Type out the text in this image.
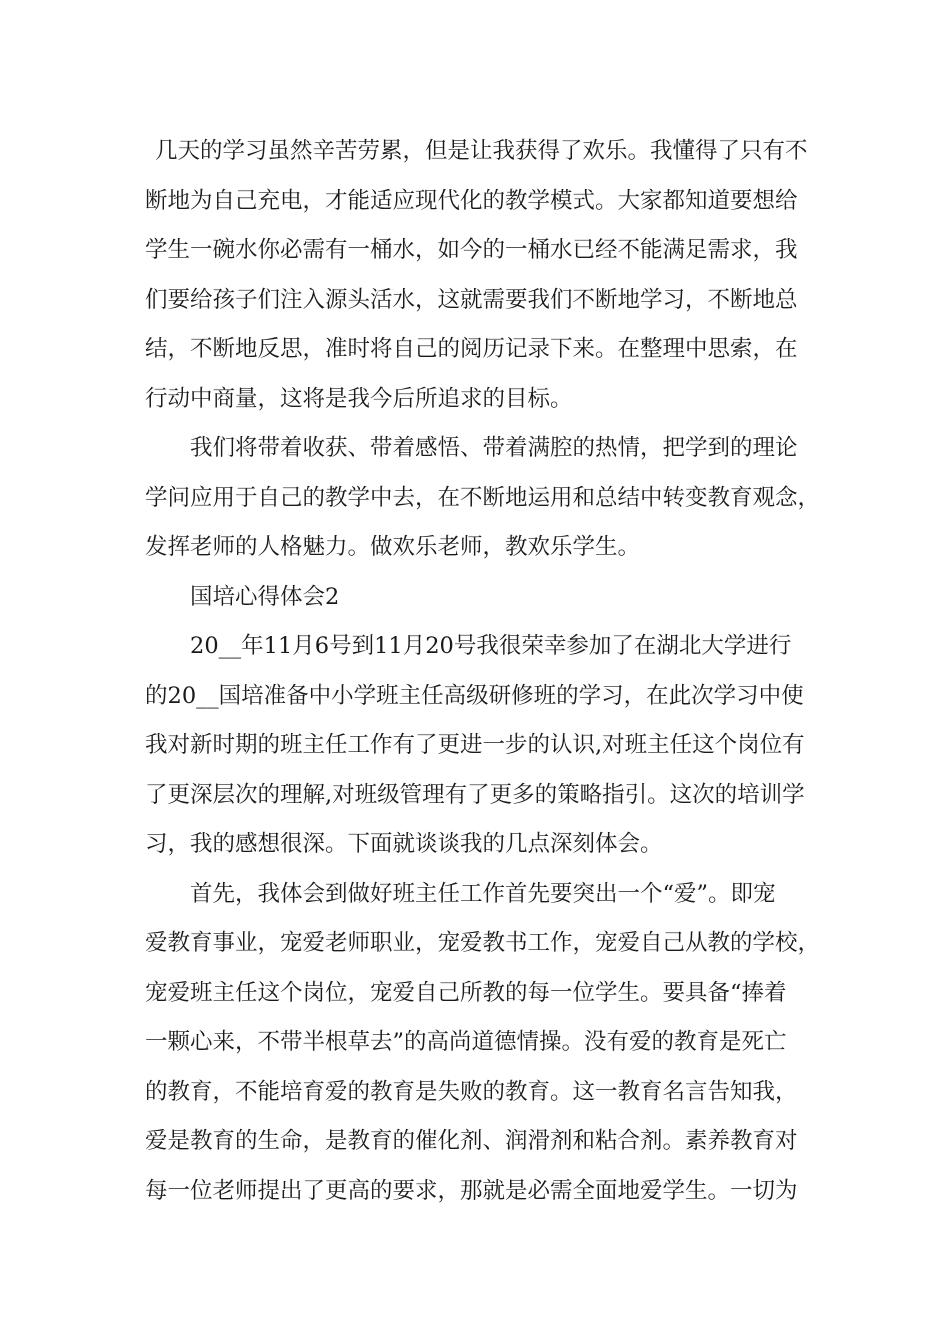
几天的学习虽然辛苦劳累，但是让我获得了欢乐。我懂得了只有不
断地为自己充电，才能适应现代化的教学模式。大家都知道要想给
学生一碗水你必需有一桶水，如今的一桶水已经不能满足需求，我
们要给孩子们注入源头活水，这就需要我们不断地学习，不断地总
结，不断地反思，准时将自己的阅历记录下来。在整理中思索，在
行动中商量，这将是我今后所追求的目标。
我们将带着收获、带着感悟、带着满腔的热情，把学到的理论
学问应用于自己的教学中去，在不断地运用和总结中转变教育观念，
发挥老师的人格魅力。做欢乐老师，教欢乐学生。
国培心得体会2
20__年11月6号到11月20号我很荣幸参加了在湖北大学进行
的20__国培准备中小学班主任高级研修班的学习，在此次学习中使
我对新时期的班主任工作有了更进一步的认识,对班主任这个岗位有
了更深层次的理解,对班级管理有了更多的策略指引。这次的培训学
习，我的感想很深。下面就谈谈我的几点深刻体会。
首先，我体会到做好班主任工作首先要突出一个“爱”。即宠
爱教育事业，宠爱老师职业，宠爱教书工作，宠爱自己从教的学校，
宠爱班主任这个岗位，宠爱自己所教的每一位学生。要具备“捧着
一颗心来，不带半根草去”的高尚道德情操。没有爱的教育是死亡
的教育，不能培育爱的教育是失败的教育。这一教育名言告知我，
爱是教育的生命，是教育的催化剂、润滑剂和粘合剂。素养教育对
每一位老师提出了更高的要求，那就是必需全面地爱学生。一切为
